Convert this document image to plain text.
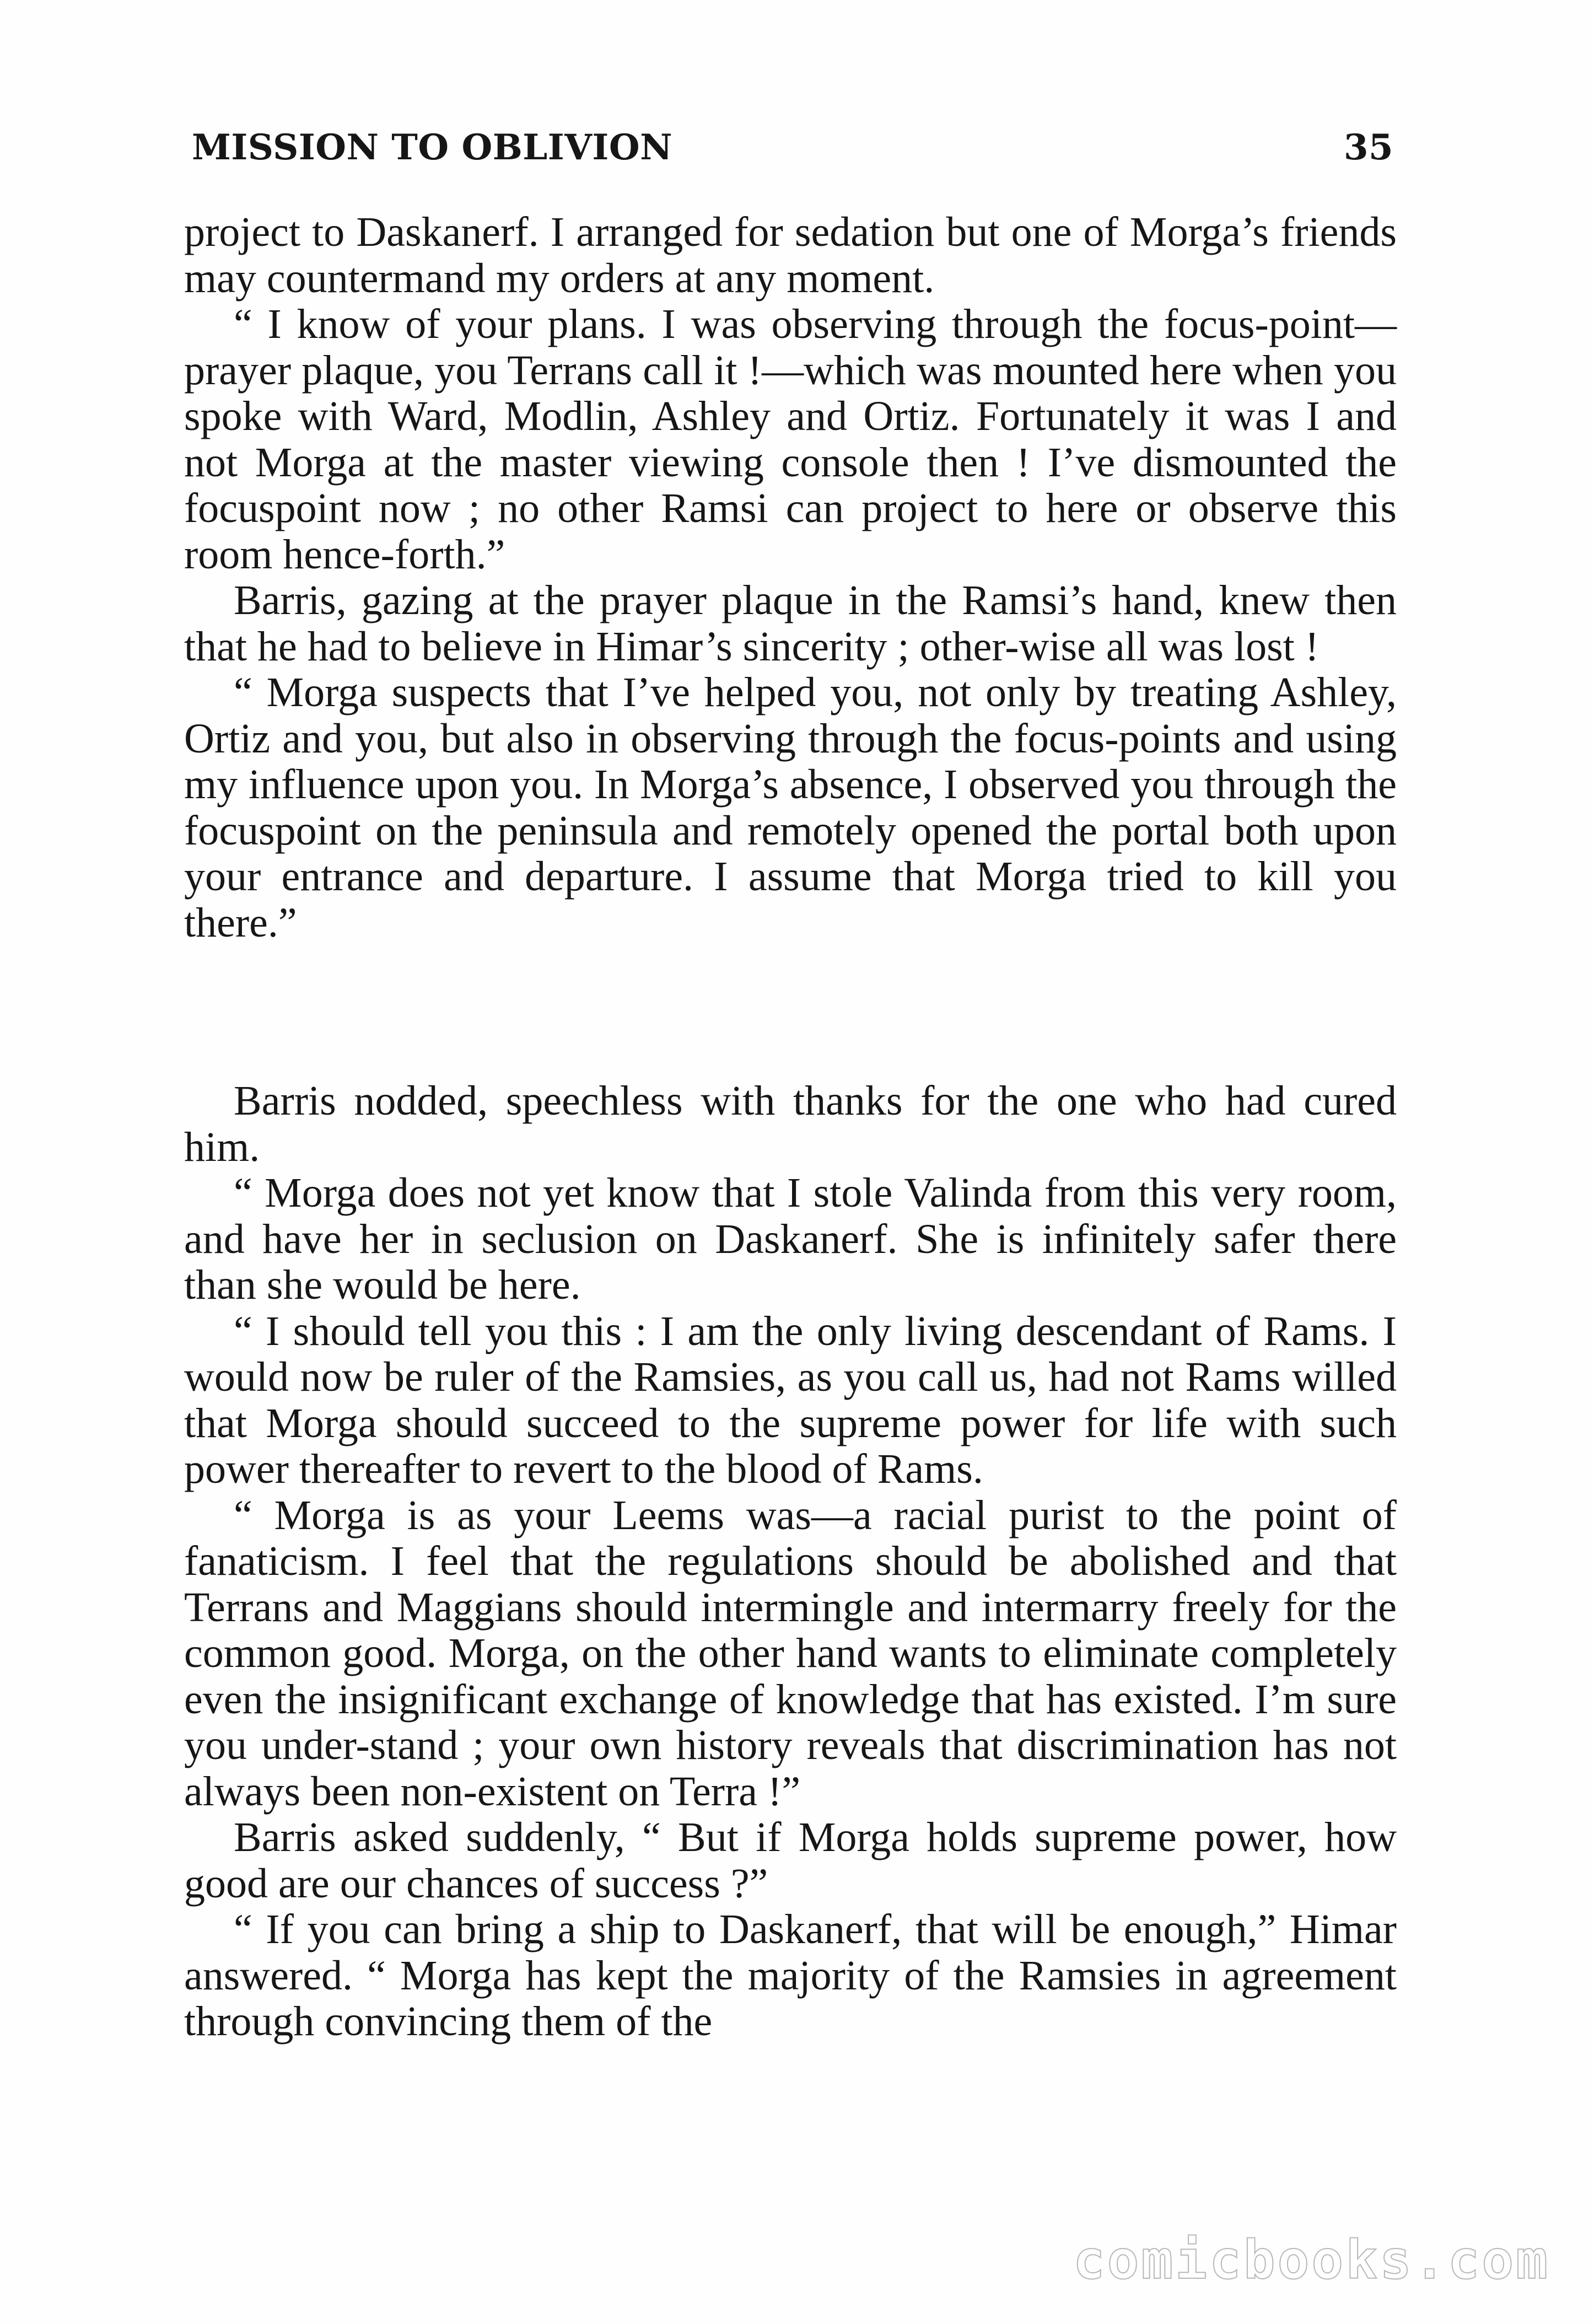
MISSION TO OBLIVION	35

project to Daskanerf. I arranged for sedation but one of Morga’s friends may countermand my orders at any moment.

“ I know of your plans. I was observing through the focus-point—prayer plaque, you Terrans call it !—which was mounted here when you spoke with Ward, Modlin, Ashley and Ortiz. Fortunately it was I and not Morga at the master viewing console then ! I’ve dismounted the focuspoint now ; no other Ramsi can project to here or observe this room hence-forth.”

Barris, gazing at the prayer plaque in the Ramsi’s hand, knew then that he had to believe in Himar’s sincerity ; other-wise all was lost !

“ Morga suspects that I’ve helped you, not only by treating Ashley, Ortiz and you, but also in observing through the focus-points and using my influence upon you. In Morga’s absence, I observed you through the focuspoint on the peninsula and remotely opened the portal both upon your entrance and departure. I assume that Morga tried to kill you there.”

Barris nodded, speechless with thanks for the one who had cured him.

“ Morga does not yet know that I stole Valinda from this very room, and have her in seclusion on Daskanerf. She is infinitely safer there than she would be here.

“ I should tell you this : I am the only living descendant of Rams. I would now be ruler of the Ramsies, as you call us, had not Rams willed that Morga should succeed to the supreme power for life with such power thereafter to revert to the blood of Rams.

“ Morga is as your Leems was—a racial purist to the point of fanaticism. I feel that the regulations should be abolished and that Terrans and Maggians should intermingle and intermarry freely for the common good. Morga, on the other hand wants to eliminate completely even the insignificant exchange of knowledge that has existed. I’m sure you under-stand ; your own history reveals that discrimination has not always been non-existent on Terra !”

Barris asked suddenly, “ But if Morga holds supreme power, how good are our chances of success ?”

“ If you can bring a ship to Daskanerf, that will be enough,” Himar answered. “ Morga has kept the majority of the Ramsies in agreement through convincing them of the

comicbooks.com
